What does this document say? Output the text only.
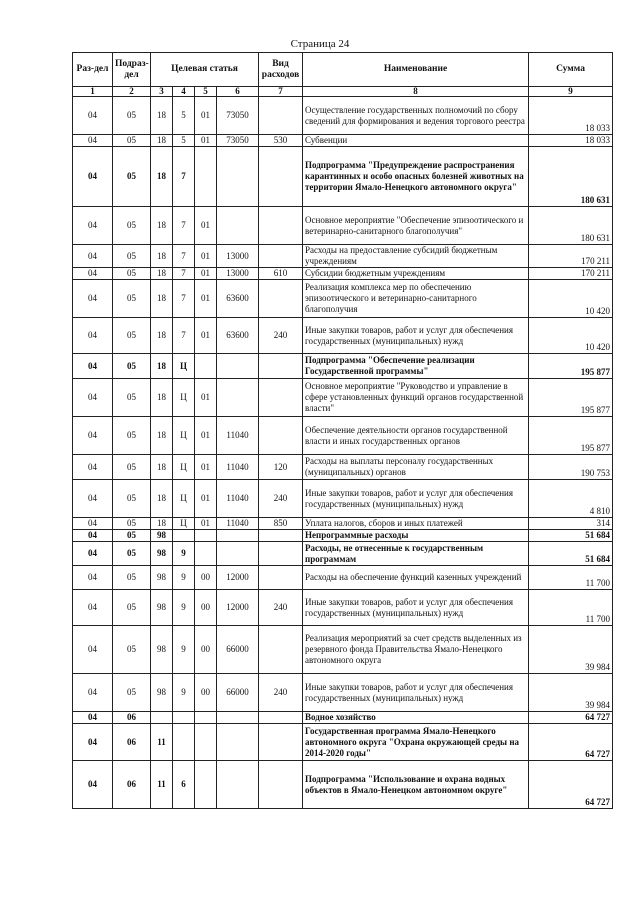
Страница 24
Раз-дел	Подраз-дел	Целевая статья				Вид расходов	Наименование	Сумма
1	2	3	4	5	6	7	8	9
04	05	18	5	01	73050		Осуществление государственных полномочий по сбору сведений для формирования и ведения торгового реестра	18 033
04	05	18	5	01	73050	530	Субвенции	18 033
04	05	18	7				Подпрограмма "Предупреждение распространения карантинных и особо опасных болезней животных на территории Ямало-Ненецкого автономного округа"	180 631
04	05	18	7	01			Основное мероприятие "Обеспечение эпизоотического и ветеринарно-санитарного благополучия"	180 631
04	05	18	7	01	13000		Расходы на предоставление субсидий бюджетным учреждениям	170 211
04	05	18	7	01	13000	610	Субсидии бюджетным учреждениям	170 211
04	05	18	7	01	63600		Реализация комплекса мер по обеспечению эпизоотического и ветеринарно-санитарного благополучия	10 420
04	05	18	7	01	63600	240	Иные закупки товаров, работ и услуг для обеспечения государственных (муниципальных) нужд	10 420
04	05	18	Ц				Подпрограмма "Обеспечение реализации Государственной программы"	195 877
04	05	18	Ц	01			Основное мероприятие "Руководство и управление в сфере установленных функций органов государственной власти"	195 877
04	05	18	Ц	01	11040		Обеспечение деятельности органов государственной власти и иных государственных органов	195 877
04	05	18	Ц	01	11040	120	Расходы на выплаты персоналу государственных (муниципальных) органов	190 753
04	05	18	Ц	01	11040	240	Иные закупки товаров, работ и услуг для обеспечения государственных (муниципальных) нужд	4 810
04	05	18	Ц	01	11040	850	Уплата налогов, сборов и иных платежей	314
04	05	98					Непрограммные расходы	51 684
04	05	98	9				Расходы, не отнесенные к государственным программам	51 684
04	05	98	9	00	12000		Расходы на обеспечение функций казенных учреждений	11 700
04	05	98	9	00	12000	240	Иные закупки товаров, работ и услуг для обеспечения государственных (муниципальных) нужд	11 700
04	05	98	9	00	66000		Реализация мероприятий за счет средств выделенных из резервного фонда Правительства Ямало-Ненецкого автономного округа	39 984
04	05	98	9	00	66000	240	Иные закупки товаров, работ и услуг для обеспечения государственных (муниципальных) нужд	39 984
04	06						Водное хозяйство	64 727
04	06	11					Государственная программа Ямало-Ненецкого автономного округа "Охрана окружающей среды на 2014-2020 годы"	64 727
04	06	11	6				Подпрограмма "Использование и охрана водных объектов в Ямало-Ненецком автономном округе"	64 727
